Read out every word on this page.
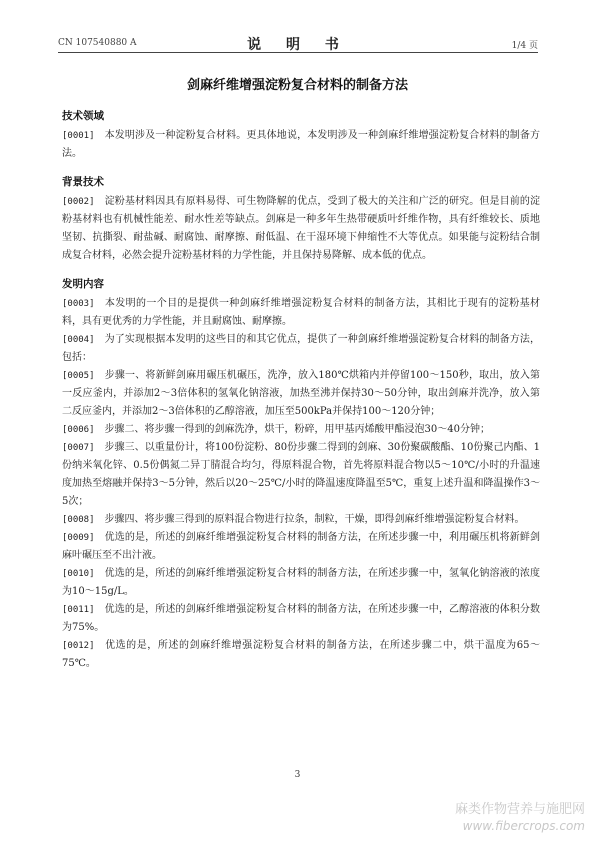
CN 107540880 A	说 明 书	1/4 页
剑麻纤维增强淀粉复合材料的制备方法
技术领域
[0001] 本发明涉及一种淀粉复合材料。更具体地说，本发明涉及一种剑麻纤维增强淀粉复合材料的制备方法。
背景技术
[0002] 淀粉基材料因具有原料易得、可生物降解的优点，受到了极大的关注和广泛的研究。但是目前的淀粉基材料也有机械性能差、耐水性差等缺点。剑麻是一种多年生热带硬质叶纤维作物，具有纤维较长、质地坚韧、抗撕裂、耐盐碱、耐腐蚀、耐摩擦、耐低温、在干湿环境下伸缩性不大等优点。如果能与淀粉结合制成复合材料，必然会提升淀粉基材料的力学性能，并且保持易降解、成本低的优点。
发明内容
[0003] 本发明的一个目的是提供一种剑麻纤维增强淀粉复合材料的制备方法，其相比于现有的淀粉基材料，具有更优秀的力学性能，并且耐腐蚀、耐摩擦。
[0004] 为了实现根据本发明的这些目的和其它优点，提供了一种剑麻纤维增强淀粉复合材料的制备方法，包括：
[0005] 步骤一、将新鲜剑麻用碾压机碾压，洗净，放入180℃烘箱内并停留100～150秒，取出，放入第一反应釜内，并添加2～3倍体积的氢氧化钠溶液，加热至沸并保持30～50分钟，取出剑麻并洗净，放入第二反应釜内，并添加2～3倍体积的乙醇溶液，加压至500kPa并保持100～120分钟；
[0006] 步骤二、将步骤一得到的剑麻洗净，烘干，粉碎，用甲基丙烯酸甲酯浸泡30～40分钟；
[0007] 步骤三、以重量份计，将100份淀粉、80份步骤二得到的剑麻、30份聚碳酸酯、10份聚己内酯、1份纳米氧化锌、0.5份偶氮二异丁腈混合均匀，得原料混合物，首先将原料混合物以5～10℃/小时的升温速度加热至熔融并保持3～5分钟，然后以20～25℃/小时的降温速度降温至5℃，重复上述升温和降温操作3～5次；
[0008] 步骤四、将步骤三得到的原料混合物进行拉条，制粒，干燥，即得剑麻纤维增强淀粉复合材料。
[0009] 优选的是，所述的剑麻纤维增强淀粉复合材料的制备方法，在所述步骤一中，利用碾压机将新鲜剑麻叶碾压至不出汁液。
[0010] 优选的是，所述的剑麻纤维增强淀粉复合材料的制备方法，在所述步骤一中，氢氧化钠溶液的浓度为10～15g/L。
[0011] 优选的是，所述的剑麻纤维增强淀粉复合材料的制备方法，在所述步骤一中，乙醇溶液的体积分数为75%。
[0012] 优选的是，所述的剑麻纤维增强淀粉复合材料的制备方法，在所述步骤二中，烘干温度为65～75℃。
3
麻类作物营养与施肥网
www.fibercrops.com
